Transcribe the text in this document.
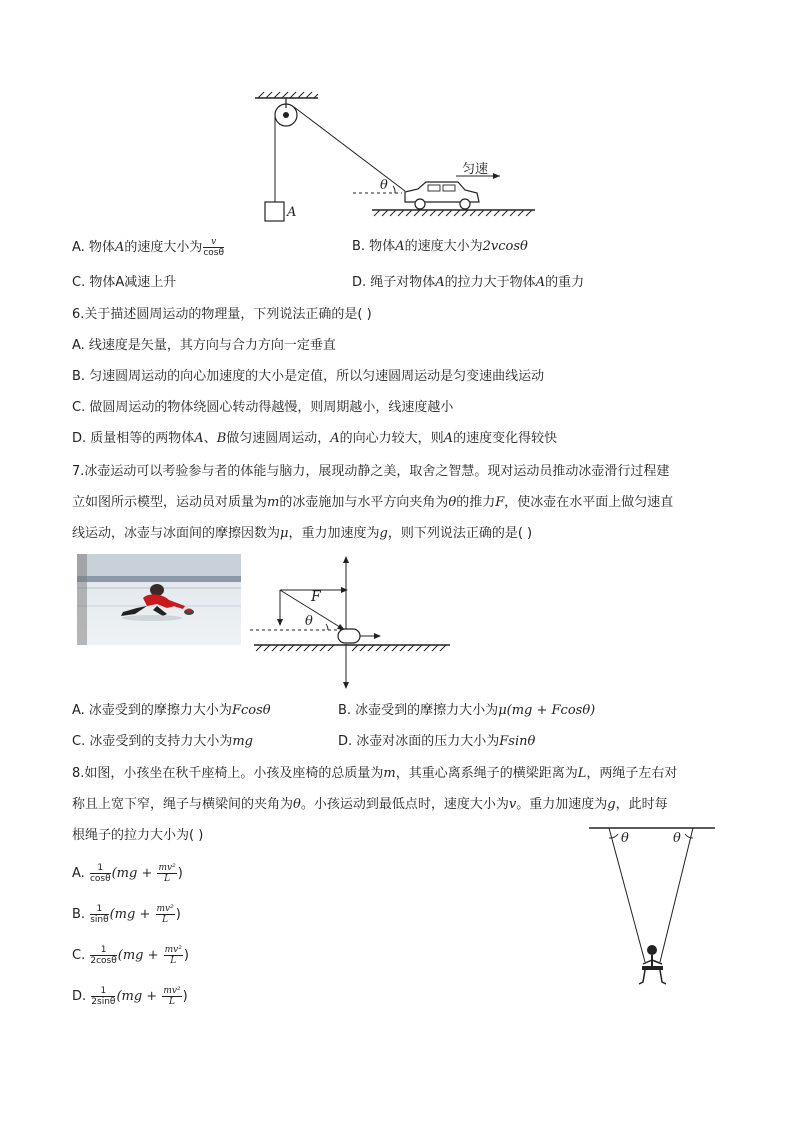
θ
A
匀速
A. 物体A的速度大小为 $\frac{v}{\cos\theta}$	B. 物体A的速度大小为2vcosθ
C. 物体A减速上升	D. 绳子对物体A的拉力大于物体A的重力
6.关于描述圆周运动的物理量，下列说法正确的是( )
A. 线速度是矢量，其方向与合力方向一定垂直
B. 匀速圆周运动的向心加速度的大小是定值，所以匀速圆周运动是匀变速曲线运动
C. 做圆周运动的物体绕圆心转动得越慢，则周期越小，线速度越小
D. 质量相等的两物体A、B做匀速圆周运动，A的向心力较大，则A的速度变化得较快
7.冰壶运动可以考验参与者的体能与脑力，展现动静之美，取舍之智慧。现对运动员推动冰壶滑行过程建
立如图所示模型，运动员对质量为m的冰壶施加与水平方向夹角为θ的推力F，使冰壶在水平面上做匀速直
线运动，冰壶与冰面间的摩擦因数为μ，重力加速度为g，则下列说法正确的是( )
F
θ
A. 冰壶受到的摩擦力大小为Fcosθ	B. 冰壶受到的摩擦力大小为μ(mg + Fcosθ)
C. 冰壶受到的支持力大小为mg	D. 冰壶对冰面的压力大小为Fsinθ
8.如图，小孩坐在秋千座椅上。小孩及座椅的总质量为m，其重心离系绳子的横梁距离为L，两绳子左右对
称且上宽下窄，绳子与横梁间的夹角为θ。小孩运动到最低点时，速度大小为v。重力加速度为g，此时每
根绳子的拉力大小为( )	θ	θ
A. $\frac{1}{\cos\theta} (mg + \frac{\text{mv²}}{L}$ )
B. $\frac{1}{\sin\theta} (mg + \frac{\text{mv²}}{L}$ )
C. $\frac{1}{2\cos\theta} (mg + \frac{\text{mv²}}{L}$ )
D. $\frac{1}{2\sin\theta} (mg + \frac{\text{mv²}}{L}$ )
